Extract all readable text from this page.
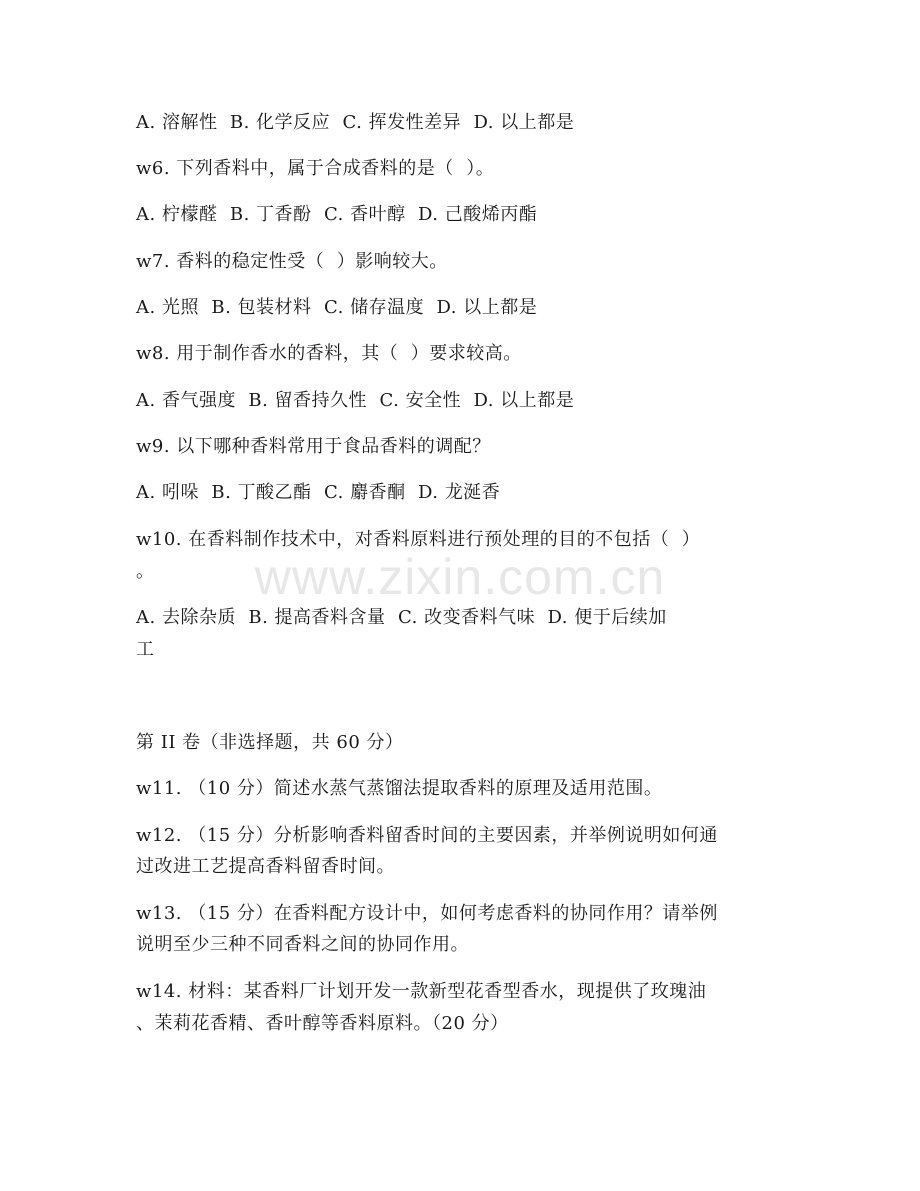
A. 溶解性  B. 化学反应  C. 挥发性差异  D. 以上都是
w6. 下列香料中，属于合成香料的是（  ）。
A. 柠檬醛  B. 丁香酚  C. 香叶醇  D. 己酸烯丙酯
w7. 香料的稳定性受（  ）影响较大。
A. 光照  B. 包装材料  C. 储存温度  D. 以上都是
w8. 用于制作香水的香料，其（  ）要求较高。
A. 香气强度  B. 留香持久性  C. 安全性  D. 以上都是
w9. 以下哪种香料常用于食品香料的调配？
A. 吲哚  B. 丁酸乙酯  C. 麝香酮  D. 龙涎香
w10. 在香料制作技术中，对香料原料进行预处理的目的不包括（  ）
。
A. 去除杂质  B. 提高香料含量  C. 改变香料气味  D. 便于后续加
工
第 II 卷（非选择题，共 60 分）
w11. （10 分）简述水蒸气蒸馏法提取香料的原理及适用范围。
w12. （15 分）分析影响香料留香时间的主要因素，并举例说明如何通
过改进工艺提高香料留香时间。
w13. （15 分）在香料配方设计中，如何考虑香料的协同作用？请举例
说明至少三种不同香料之间的协同作用。
w14. 材料：某香料厂计划开发一款新型花香型香水，现提供了玫瑰油
、茉莉花香精、香叶醇等香料原料。（20 分）
www.zixin.com.cn
